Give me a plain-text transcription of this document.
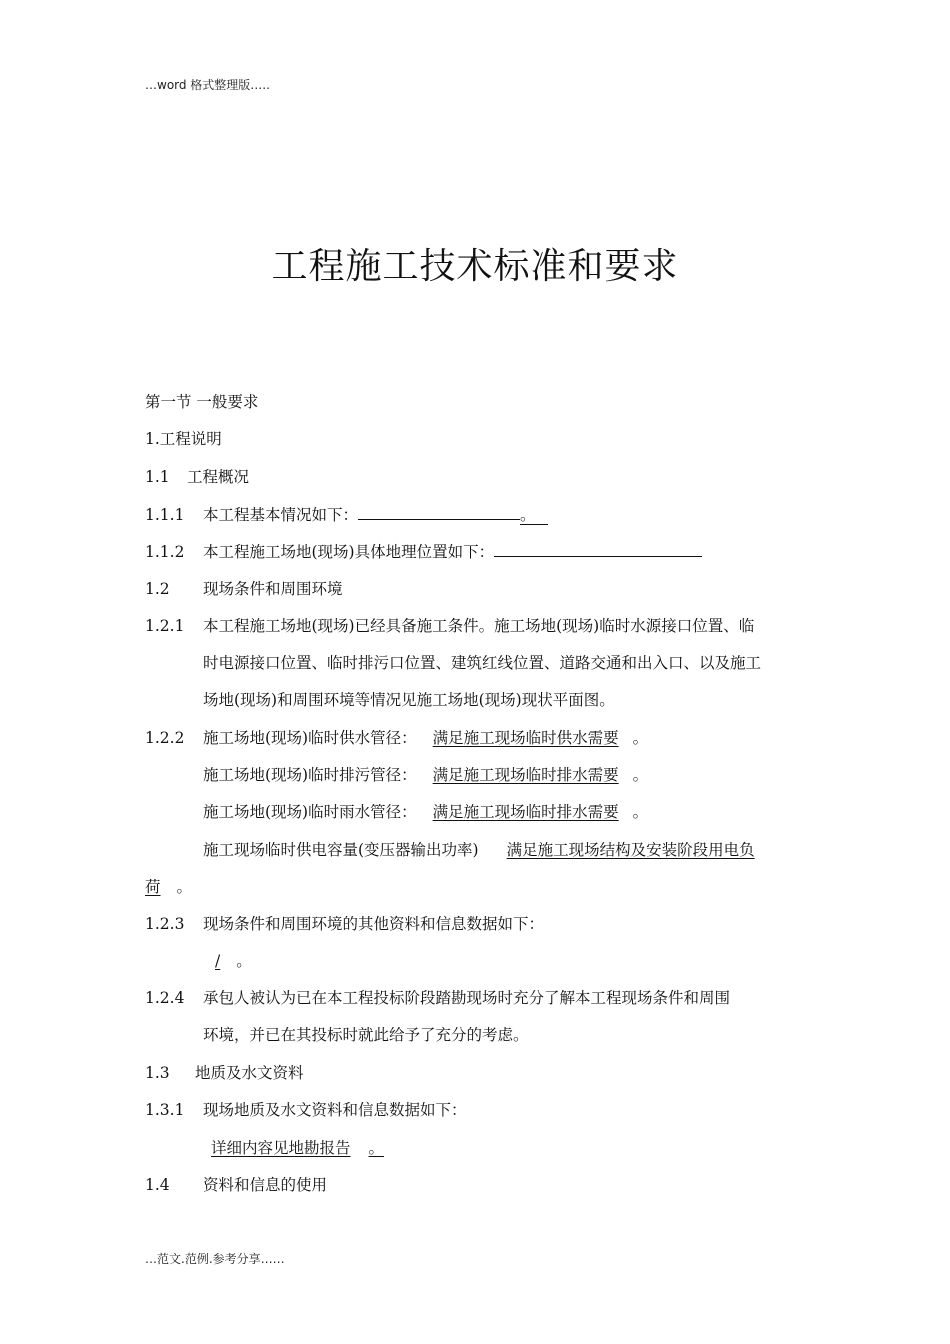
…word 格式整理版…..
工程施工技术标准和要求
第一节 一般要求
1.工程说明
1.1 工程概况
1.1.1 本工程基本情况如下：	。
1.1.2 本工程施工场地(现场)具体地理位置如下：
1.2 现场条件和周围环境
1.2.1 本工程施工场地(现场)已经具备施工条件。施工场地(现场)临时水源接口位置、临
时电源接口位置、临时排污口位置、建筑红线位置、道路交通和出入口、以及施工
场地(现场)和周围环境等情况见施工场地(现场)现状平面图。
1.2.2 施工场地(现场)临时供水管径： 满足施工现场临时供水需要 。
施工场地(现场)临时排污管径： 满足施工现场临时排水需要 。
施工场地(现场)临时雨水管径： 满足施工现场临时排水需要 。
施工现场临时供电容量(变压器输出功率) 满足施工现场结构及安装阶段用电负
荷 。
1.2.3 现场条件和周围环境的其他资料和信息数据如下：
/ 。
1.2.4 承包人被认为已在本工程投标阶段踏勘现场时充分了解本工程现场条件和周围
环境，并已在其投标时就此给予了充分的考虑。
1.3 地质及水文资料
1.3.1 现场地质及水文资料和信息数据如下：
详细内容见地勘报告 。
1.4 资料和信息的使用
…范文.范例.参考分享……
